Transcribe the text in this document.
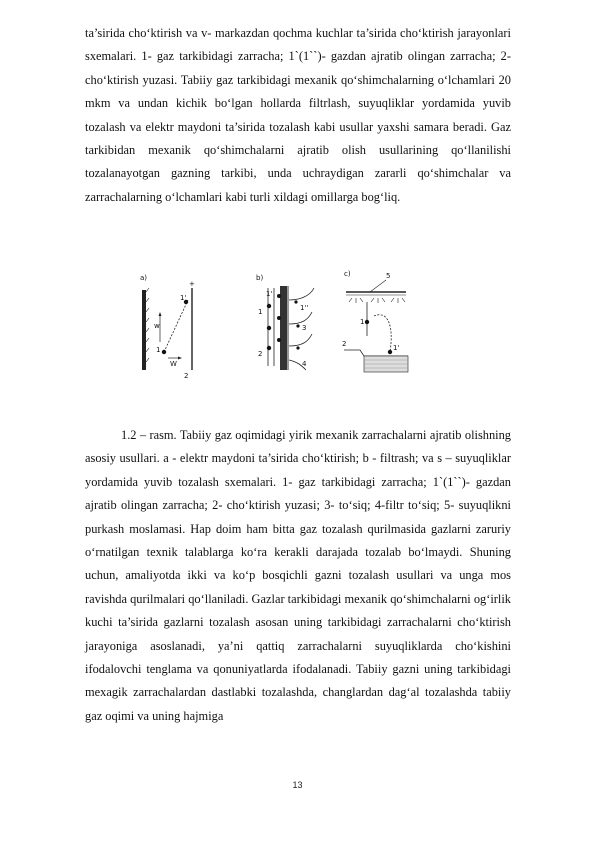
ta’sirida cho‘ktirish va v- markazdan qochma kuchlar ta’sirida cho‘ktirish jarayonlari sxemalari. 1- gaz tarkibidagi zarracha; 1`(1``)- gazdan ajratib olingan zarracha; 2- cho‘ktirish yuzasi. Tabiiy gaz tarkibidagi mexanik qo‘shimchalarning o‘lchamlari 20 mkm va undan kichik bo‘lgan hollarda filtrlash, suyuqliklar yordamida yuvib tozalash va elektr maydoni ta’sirida tozalash kabi usullar yaxshi samara beradi. Gaz tarkibidan mexanik qo‘shimchalarni ajratib olish usullarining qo‘llanilishi tozalanayotgan gazning tarkibi, unda uchraydigan zararli qo‘shimchalar va zarrachalarning o‘lchamlari kabi turli xildagi omillarga bog‘liq.

a)
+
1'
1
w
W
2
b)
1'
1	1''
3
4
2
c)	5
1
1'
2

1.2 – rasm. Tabiiy gaz oqimidagi yirik mexanik zarrachalarni ajratib olishning asosiy usullari. a - elektr maydoni ta’sirida cho‘ktirish; b - filtrash; va s – suyuqliklar yordamida yuvib tozalash sxemalari. 1- gaz tarkibidagi zarracha; 1`(1``)- gazdan ajratib olingan zarracha; 2- cho‘ktirish yuzasi; 3- to‘siq; 4-filtr to‘siq; 5- suyuqlikni purkash moslamasi. Hap doim ham bitta gaz tozalash qurilmasida gazlarni zaruriy o‘rnatilgan texnik talablarga ko‘ra kerakli darajada tozalab bo‘lmaydi. Shuning uchun, amaliyotda ikki va ko‘p bosqichli gazni tozalash usullari va unga mos ravishda qurilmalari qo‘llaniladi. Gazlar tarkibidagi mexanik qo‘shimchalarni og‘irlik kuchi ta’sirida gazlarni tozalash asosan uning tarkibidagi zarrachalarni cho‘ktirish jarayoniga asoslanadi, ya’ni qattiq zarrachalarni suyuqliklarda cho‘kishini ifodalovchi tenglama va qonuniyatlarda ifodalanadi. Tabiiy gazni uning tarkibidagi mexagik zarrachalardan dastlabki tozalashda, changlardan dag‘al tozalashda tabiiy gaz oqimi va uning hajmiga

13
